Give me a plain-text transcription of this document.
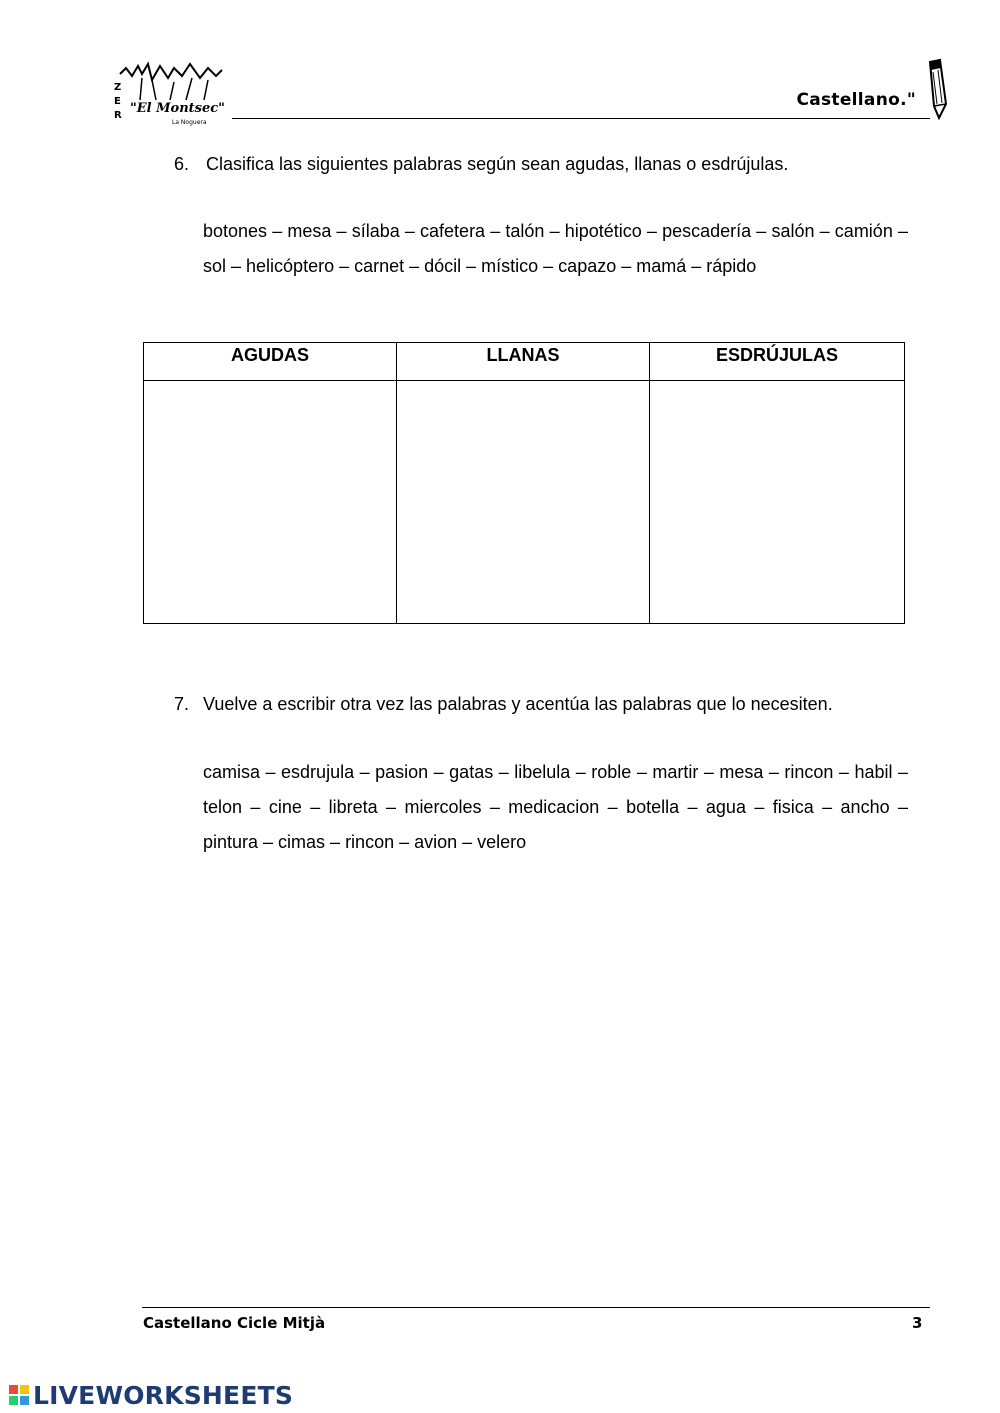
Z
E
R "El Montsec"
La Noguera
Castellano."
6. Clasifica las siguientes palabras según sean agudas, llanas o esdrújulas.
botones – mesa – sílaba – cafetera – talón – hipotético – pescadería – salón – camión – sol – helicóptero – carnet – dócil – místico – capazo – mamá – rápido
AGUDAS	LLANAS	ESDRÚJULAS

7. Vuelve a escribir otra vez las palabras y acentúa las palabras que lo necesiten.
camisa – esdrujula – pasion – gatas – libelula – roble – martir – mesa – rincon – habil – telon – cine – libreta – miercoles – medicacion – botella – agua – fisica – ancho – pintura – cimas – rincon – avion – velero
Castellano Cicle Mitjà	3
LIVEWORKSHEETS
